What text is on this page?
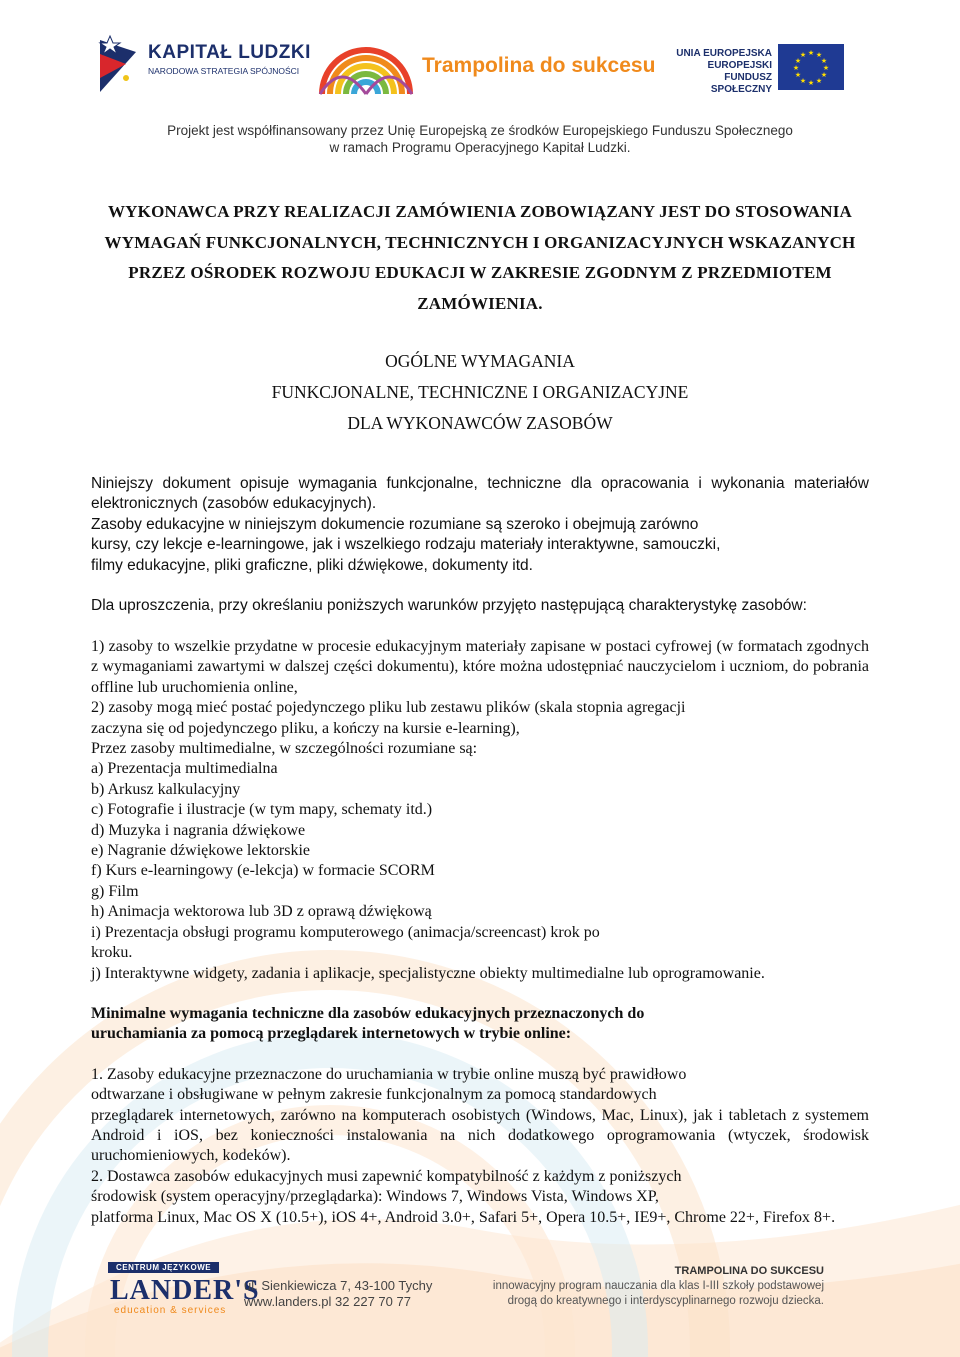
KAPITAŁ LUDZKI
NARODOWA STRATEGIA SPÓJNOŚCI	Trampolina do sukcesu
UNIA EUROPEJSKA
EUROPEJSKI
FUNDUSZ SPOŁECZNY
★ ★
★
★
★
★
★
★
★
★
★
★
Projekt jest współfinansowany przez Unię Europejską ze środków Europejskiego Funduszu Społecznego
w ramach Programu Operacyjnego Kapitał Ludzki.
WYKONAWCA PRZY REALIZACJI ZAMÓWIENIA ZOBOWIĄZANY JEST DO STOSOWANIA
WYMAGAŃ FUNKCJONALNYCH, TECHNICZNYCH I ORGANIZACYJNYCH WSKAZANYCH
PRZEZ OŚRODEK ROZWOJU EDUKACJI W ZAKRESIE ZGODNYM Z PRZEDMIOTEM
ZAMÓWIENIA.
OGÓLNE WYMAGANIA
FUNKCJONALNE, TECHNICZNE I ORGANIZACYJNE
DLA WYKONAWCÓW ZASOBÓW

Niniejszy dokument opisuje wymagania funkcjonalne, techniczne dla opracowania i wykonania materiałów elektronicznych (zasobów edukacyjnych).

Zasoby edukacyjne w niniejszym dokumencie rozumiane są szeroko i obejmują zarówno
kursy, czy lekcje e-learningowe, jak i wszelkiego rodzaju materiały interaktywne, samouczki,
filmy edukacyjne, pliki graficzne, pliki dźwiękowe, dokumenty itd.
Dla uproszczenia, przy określaniu poniższych warunków przyjęto następującą charakterystykę zasobów:

1) zasoby to wszelkie przydatne w procesie edukacyjnym materiały zapisane w postaci cyfrowej (w formatach zgodnych z wymaganiami zawartymi w dalszej części dokumentu), które można udostępniać nauczycielom i uczniom, do pobrania offline lub uruchomienia online,

2) zasoby mogą mieć postać pojedynczego pliku lub zestawu plików (skala stopnia agregacji
zaczyna się od pojedynczego pliku, a kończy na kursie e-learning),
Przez zasoby multimedialne, w szczególności rozumiane są:
a) Prezentacja multimedialna
b) Arkusz kalkulacyjny
c) Fotografie i ilustracje (w tym mapy, schematy itd.)
d) Muzyka i nagrania dźwiękowe
e) Nagranie dźwiękowe lektorskie
f) Kurs e-learningowy (e-lekcja) w formacie SCORM
g) Film
h) Animacja wektorowa lub 3D z oprawą dźwiękową
i) Prezentacja obsługi programu komputerowego (animacja/screencast) krok po
kroku.
j) Interaktywne widgety, zadania i aplikacje, specjalistyczne obiekty multimedialne lub oprogramowanie.
Minimalne wymagania techniczne dla zasobów edukacyjnych przeznaczonych do
uruchamiania za pomocą przeglądarek internetowych w trybie online:
1. Zasoby edukacyjne przeznaczone do uruchamiania w trybie online muszą być prawidłowo
odtwarzane i obsługiwane w pełnym zakresie funkcjonalnym za pomocą standardowych

przeglądarek internetowych, zarówno na komputerach osobistych (Windows, Mac, Linux), jak i tabletach z systemem Android i iOS, bez konieczności instalowania na nich dodatkowego oprogramowania (wtyczek, środowisk uruchomieniowych, kodeków).

2. Dostawca zasobów edukacyjnych musi zapewnić kompatybilność z każdym z poniższych
środowisk (system operacyjny/przeglądarka): Windows 7, Windows Vista, Windows XP,

platforma Linux, Mac OS X (10.5+), iOS 4+, Android 3.0+, Safari 5+, Opera 10.5+, IE9+, Chrome 22+, Firefox 8+.

CENTRUM JĘZYKOWE
LANDER'S
education & services
ul. Sienkiewicza 7, 43-100 Tychy
www.landers.pl 32 227 70 77
TRAMPOLINA DO SUKCESU
innowacyjny program nauczania dla klas I-III szkoły podstawowej
drogą do kreatywnego i interdyscyplinarnego rozwoju dziecka.
